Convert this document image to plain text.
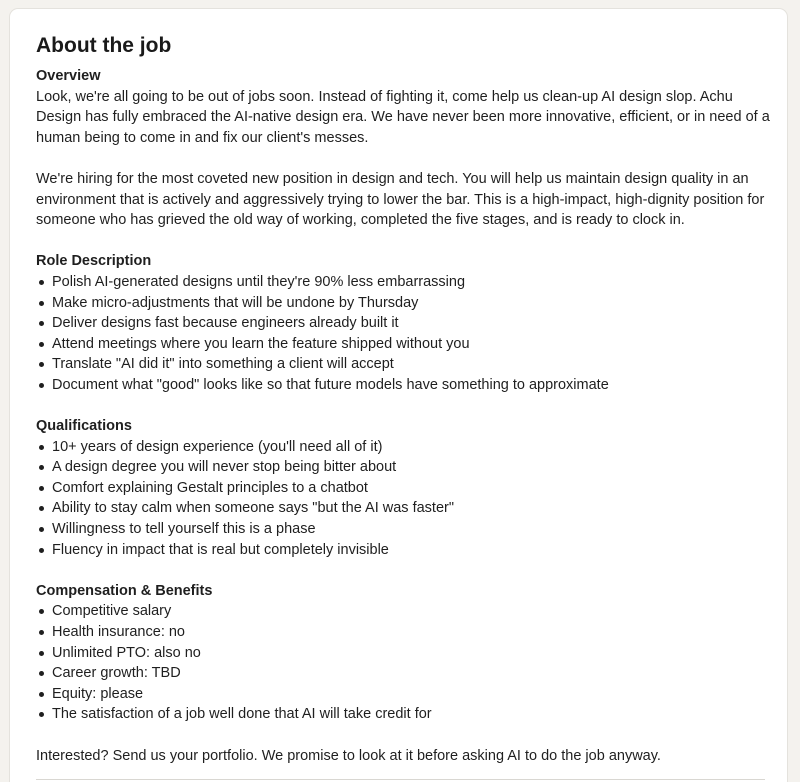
About the job

Overview

Look, we're all going to be out of jobs soon. Instead of fighting it, come help us clean-up AI design slop. Achu Design has fully embraced the AI-native design era. We have never been more innovative, efficient, or in need of a human being to come in and fix our client's messes.

We're hiring for the most coveted new position in design and tech. You will help us maintain design quality in an environment that is actively and aggressively trying to lower the bar. This is a high-impact, high-dignity position for someone who has grieved the old way of working, completed the five stages, and is ready to clock in.

Role Description

Polish AI-generated designs until they're 90% less embarrassing
Make micro-adjustments that will be undone by Thursday
Deliver designs fast because engineers already built it
Attend meetings where you learn the feature shipped without you
Translate "AI did it" into something a client will accept
Document what "good" looks like so that future models have something to approximate

Qualifications

10+ years of design experience (you'll need all of it)
A design degree you will never stop being bitter about
Comfort explaining Gestalt principles to a chatbot
Ability to stay calm when someone says "but the AI was faster"
Willingness to tell yourself this is a phase
Fluency in impact that is real but completely invisible

Compensation & Benefits

Competitive salary
Health insurance: no
Unlimited PTO: also no
Career growth: TBD
Equity: please
The satisfaction of a job well done that AI will take credit for

Interested? Send us your portfolio. We promise to look at it before asking AI to do the job anyway.
